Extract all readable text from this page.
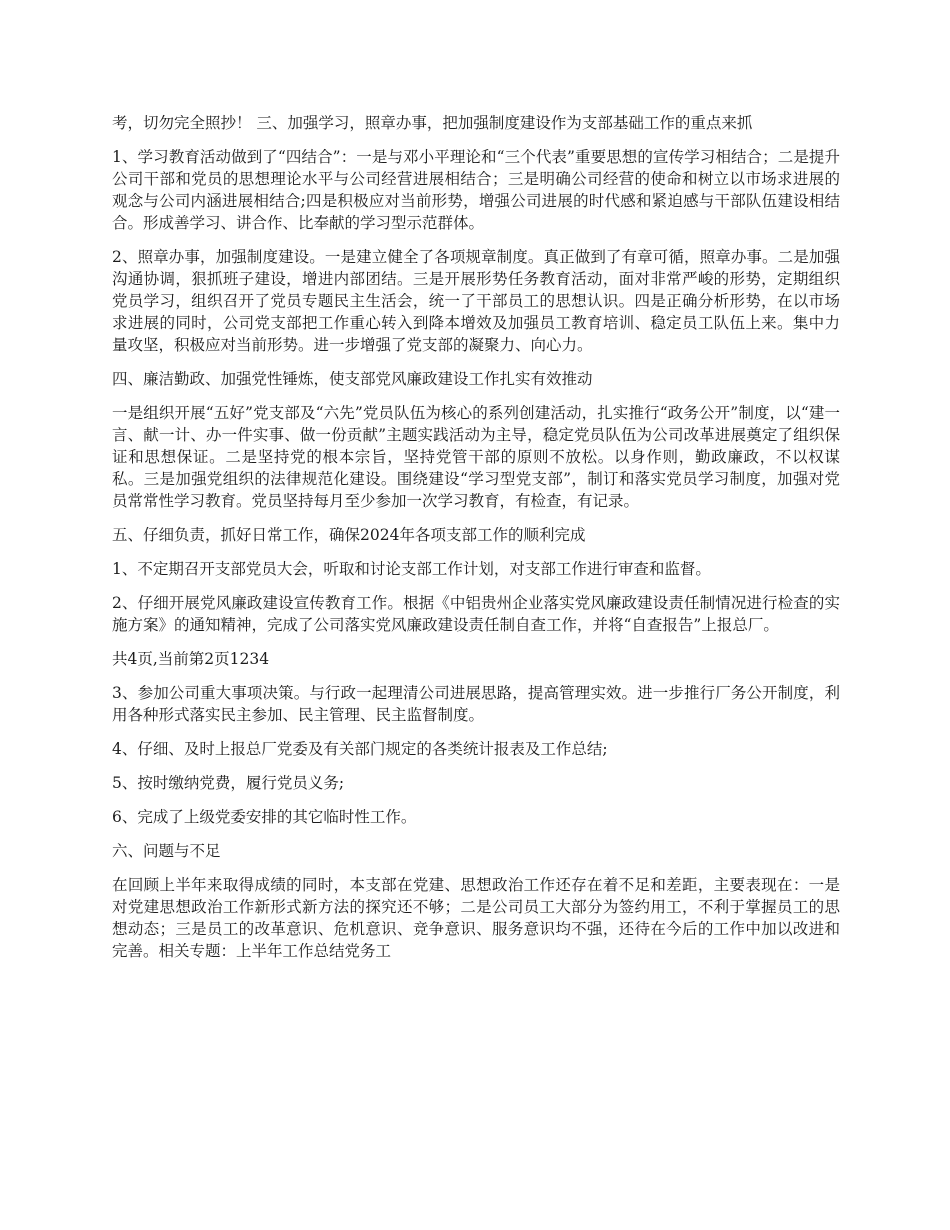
考，切勿完全照抄！ 三、加强学习，照章办事，把加强制度建设作为支部基础工作的重点来抓

1、学习教育活动做到了“四结合”：一是与邓小平理论和“三个代表”重要思想的宣传学习相结合；二是提升公司干部和党员的思想理论水平与公司经营进展相结合；三是明确公司经营的使命和树立以市场求进展的观念与公司内涵进展相结合;四是积极应对当前形势，增强公司进展的时代感和紧迫感与干部队伍建设相结合。形成善学习、讲合作、比奉献的学习型示范群体。

2、照章办事，加强制度建设。一是建立健全了各项规章制度。真正做到了有章可循，照章办事。二是加强沟通协调，狠抓班子建设，增进内部团结。三是开展形势任务教育活动，面对非常严峻的形势，定期组织党员学习，组织召开了党员专题民主生活会，统一了干部员工的思想认识。四是正确分析形势，在以市场求进展的同时，公司党支部把工作重心转入到降本增效及加强员工教育培训、稳定员工队伍上来。集中力量攻坚，积极应对当前形势。进一步增强了党支部的凝聚力、向心力。

四、廉洁勤政、加强党性锤炼，使支部党风廉政建设工作扎实有效推动

一是组织开展“五好”党支部及“六先”党员队伍为核心的系列创建活动，扎实推行“政务公开”制度，以“建一言、献一计、办一件实事、做一份贡献”主题实践活动为主导，稳定党员队伍为公司改革进展奠定了组织保证和思想保证。二是坚持党的根本宗旨，坚持党管干部的原则不放松。以身作则，勤政廉政，不以权谋私。三是加强党组织的法律规范化建设。围绕建设“学习型党支部”，制订和落实党员学习制度，加强对党员常常性学习教育。党员坚持每月至少参加一次学习教育，有检查，有记录。

五、仔细负责，抓好日常工作，确保2024年各项支部工作的顺利完成

1、不定期召开支部党员大会，听取和讨论支部工作计划，对支部工作进行审查和监督。

2、仔细开展党风廉政建设宣传教育工作。根据《中铝贵州企业落实党风廉政建设责任制情况进行检查的实施方案》的通知精神，完成了公司落实党风廉政建设责任制自查工作，并将“自查报告”上报总厂。

共4页,当前第2页1234

3、参加公司重大事项决策。与行政一起理清公司进展思路，提高管理实效。进一步推行厂务公开制度，利用各种形式落实民主参加、民主管理、民主监督制度。

4、仔细、及时上报总厂党委及有关部门规定的各类统计报表及工作总结;

5、按时缴纳党费，履行党员义务;

6、完成了上级党委安排的其它临时性工作。

六、问题与不足

在回顾上半年来取得成绩的同时，本支部在党建、思想政治工作还存在着不足和差距，主要表现在：一是对党建思想政治工作新形式新方法的探究还不够；二是公司员工大部分为签约用工，不利于掌握员工的思想动态；三是员工的改革意识、危机意识、竞争意识、服务意识均不强，还待在今后的工作中加以改进和完善。相关专题：上半年工作总结党务工
